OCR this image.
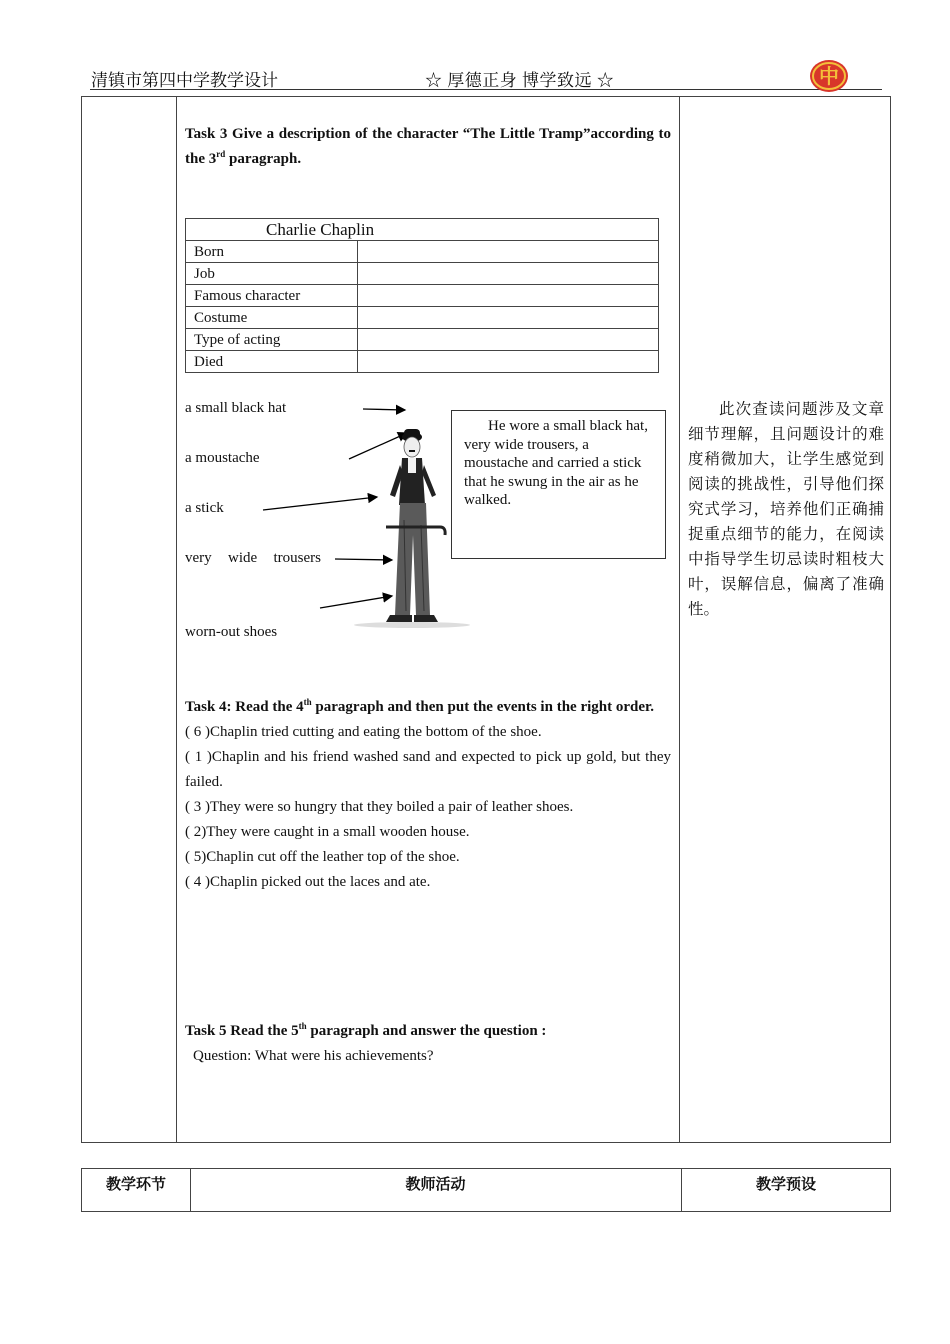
清镇市第四中学教学设计	☆ 厚德正身 博学致远 ☆	中
Task 3 Give a description of the character “The Little Tramp”according to the 3rd paragraph.
Charlie Chaplin	
Born	
Job	
Famous character	
Costume	
Type of acting	
Died	
a small black hat
a moustache
a stick
very wide trousers
worn-out shoes
He wore a small black hat, very wide trousers, a moustache and carried a stick that he swung in the air as he walked.
Task 4: Read the 4th paragraph and then put the events in the right order.
( 6 )Chaplin tried cutting and eating the bottom of the shoe.
( 1 )Chaplin and his friend washed sand and expected to pick up gold, but they failed.
( 3 )They were so hungry that they boiled a pair of leather shoes.
( 2)They were caught in a small wooden house.
( 5)Chaplin cut off the leather top of the shoe.
( 4 )Chaplin picked out the laces and ate.
Task 5 Read the 5th paragraph and answer the question :
Question: What were his achievements?
此次查读问题涉及文章细节理解，且问题设计的难度稍微加大，让学生感觉到阅读的挑战性，引导他们探究式学习，培养他们正确捕捉重点细节的能力，在阅读中指导学生切忌读时粗枝大叶，误解信息，偏离了准确性。
教学环节	教师活动	教学预设
